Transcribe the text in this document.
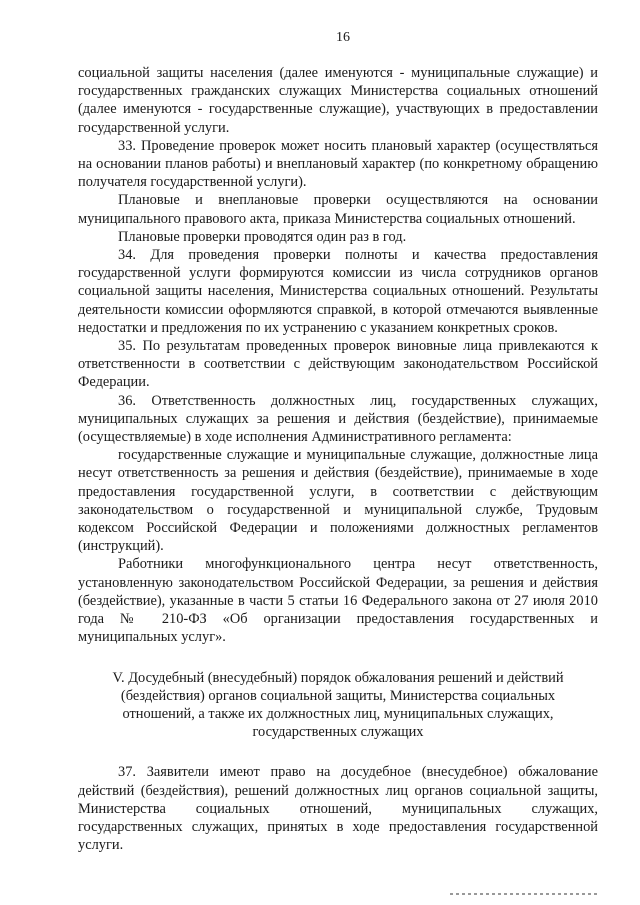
16

социальной защиты населения (далее именуются - муниципальные служащие) и государственных гражданских служащих Министерства социальных отношений (далее именуются - государственные служащие), участвующих в предоставлении государственной услуги.

33. Проведение проверок может носить плановый характер (осуществляться на основании планов работы) и внеплановый характер (по конкретному обращению получателя государственной услуги).

Плановые и внеплановые проверки осуществляются на основании муниципального правового акта, приказа Министерства социальных отношений.

Плановые проверки проводятся один раз в год.

34. Для проведения проверки полноты и качества предоставления государственной услуги формируются комиссии из числа сотрудников органов социальной защиты населения, Министерства социальных отношений. Результаты деятельности комиссии оформляются справкой, в которой отмечаются выявленные недостатки и предложения по их устранению с указанием конкретных сроков.

35. По результатам проведенных проверок виновные лица привлекаются к ответственности в соответствии с действующим законодательством Российской Федерации.

36. Ответственность должностных лиц, государственных служащих, муниципальных служащих за решения и действия (бездействие), принимаемые (осуществляемые) в ходе исполнения Административного регламента:

государственные служащие и муниципальные служащие, должностные лица несут ответственность за решения и действия (бездействие), принимаемые в ходе предоставления государственной услуги, в соответствии с действующим законодательством о государственной и муниципальной службе, Трудовым кодексом Российской Федерации и положениями должностных регламентов (инструкций).

Работники многофункционального центра несут ответственность, установленную законодательством Российской Федерации, за решения и действия (бездействие), указанные в части 5 статьи 16 Федерального закона от 27 июля 2010 года № 210-ФЗ «Об организации предоставления государственных и муниципальных услуг».

V. Досудебный (внесудебный) порядок обжалования решений и действий (бездействия) органов социальной защиты, Министерства социальных отношений, а также их должностных лиц, муниципальных служащих, государственных служащих

37. Заявители имеют право на досудебное (внесудебное) обжалование действий (бездействия), решений должностных лиц органов социальной защиты, Министерства социальных отношений, муниципальных служащих, государственных служащих, принятых в ходе предоставления государственной услуги.
